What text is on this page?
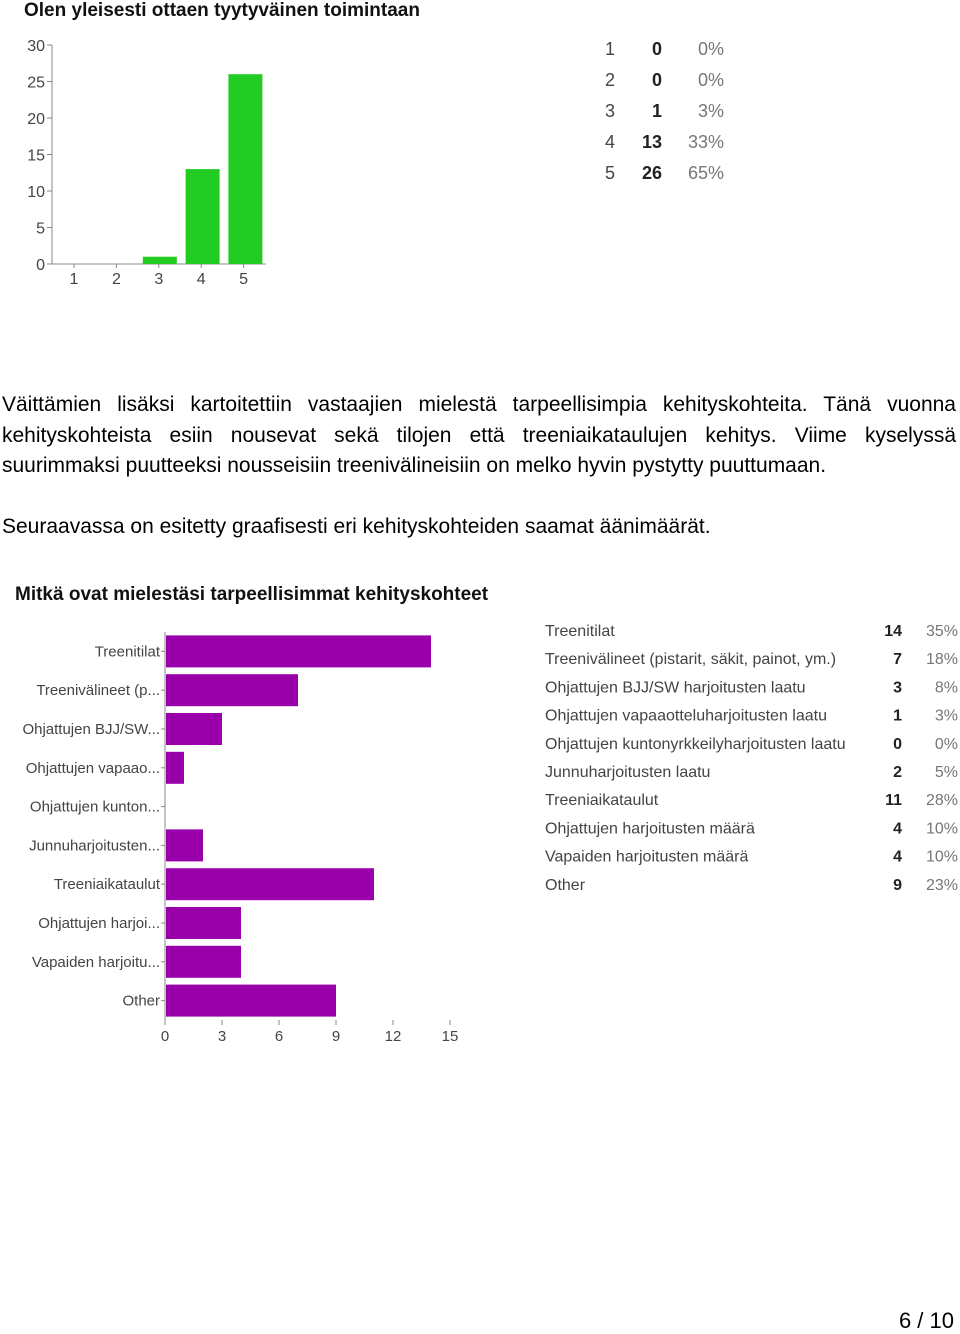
Olen yleisesti ottaen tyytyväinen toimintaan
0
5
10
15
20
25
30
1 2 3 4 5
1 0 0%
2 0 0%
3 1 3%
4 13 33%
5 26 65%

Väittämien lisäksi kartoitettiin vastaajien mielestä tarpeellisimpia kehityskohteita. Tänä vuonna kehityskohteista esiin nousevat sekä tilojen että treeniaikataulujen kehitys. Viime kyselyssä suurimmaksi puutteeksi nousseisiin treenivälineisiin on melko hyvin pystytty puuttumaan.

Seuraavassa on esitetty graafisesti eri kehityskohteiden saamat äänimäärät.

Mitkä ovat mielestäsi tarpeellisimmat kehityskohteet
0	3	6	9	12	15
Treenitilat
Treenivälineet (p...
Ohjattujen BJJ/SW...
Ohjattujen vapaao...
Ohjattujen kunton...
Junnuharjoitusten...
Treeniaikataulut
Ohjattujen harjoi...
Vapaiden harjoitu...
Other
Treenitilat	14 35%
Treenivälineet (pistarit, säkit, painot, ym.)	7 18%
Ohjattujen BJJ/SW harjoitusten laatu	3 8%
Ohjattujen vapaaotteluharjoitusten laatu	1 3%
Ohjattujen kuntonyrkkeilyharjoitusten laatu	0 0%
Junnuharjoitusten laatu	2 5%
Treeniaikataulut	11 28%
Ohjattujen harjoitusten määrä	4 10%
Vapaiden harjoitusten määrä	4 10%
Other	9 23%
6 / 10
